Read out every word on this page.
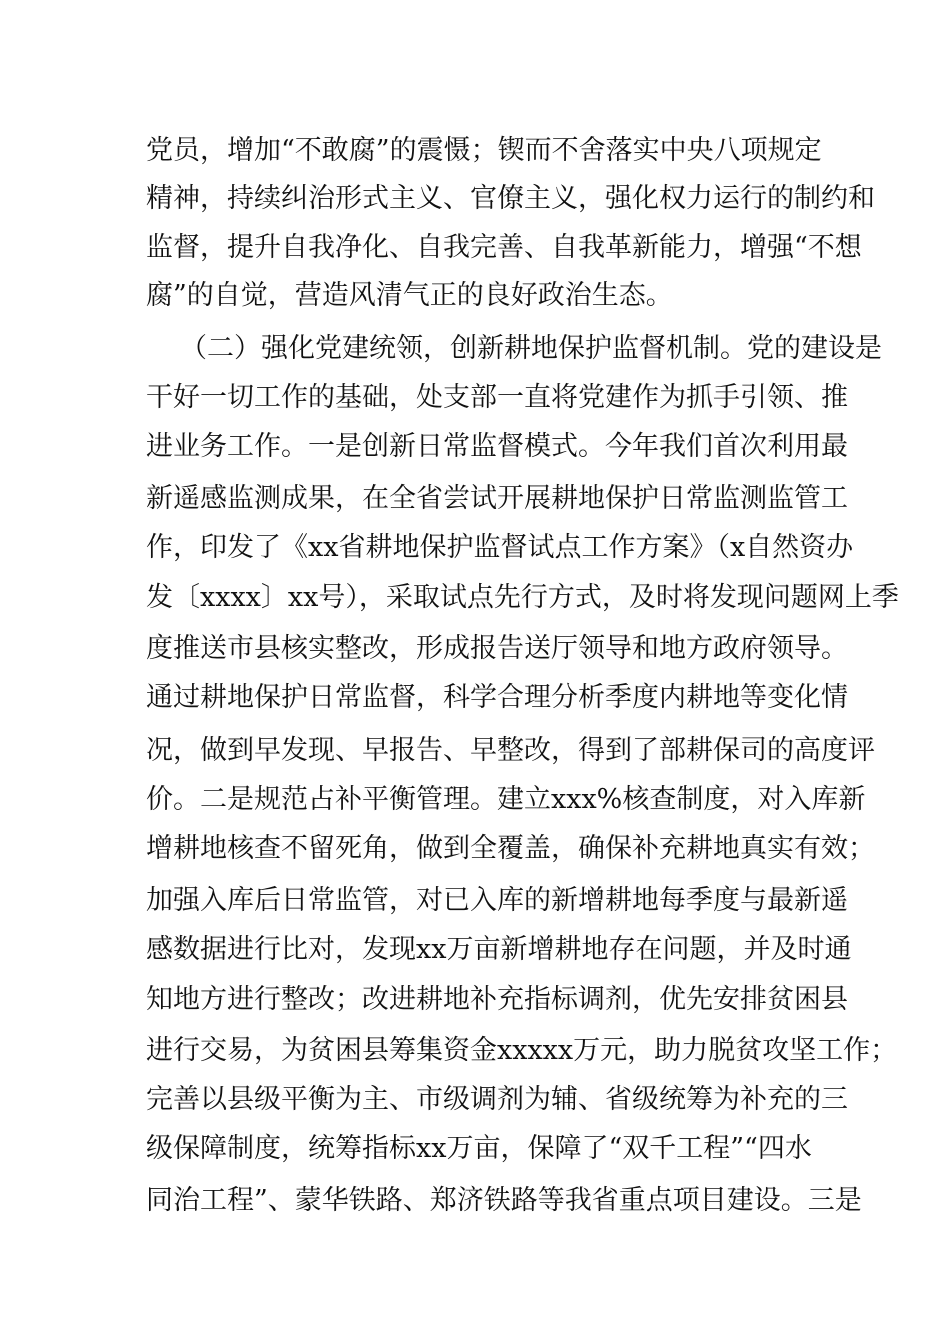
党员，增加“不敢腐”的震慑；锲而不舍落实中央八项规定
精神，持续纠治形式主义、官僚主义，强化权力运行的制约和
监督，提升自我净化、自我完善、自我革新能力，增强“不想
腐”的自觉，营造风清气正的良好政治生态。
（二）强化党建统领，创新耕地保护监督机制。党的建设是
干好一切工作的基础，处支部一直将党建作为抓手引领、推
进业务工作。一是创新日常监督模式。今年我们首次利用最
新遥感监测成果，在全省尝试开展耕地保护日常监测监管工
作，印发了《xx省耕地保护监督试点工作方案》（x自然资办
发〔xxxx〕xx号），采取试点先行方式，及时将发现问题网上季
度推送市县核实整改，形成报告送厅领导和地方政府领导。
通过耕地保护日常监督，科学合理分析季度内耕地等变化情
况，做到早发现、早报告、早整改，得到了部耕保司的高度评
价。二是规范占补平衡管理。建立xxx%核查制度，对入库新
增耕地核查不留死角，做到全覆盖，确保补充耕地真实有效；
加强入库后日常监管，对已入库的新增耕地每季度与最新遥
感数据进行比对，发现xx万亩新增耕地存在问题，并及时通
知地方进行整改；改进耕地补充指标调剂，优先安排贫困县
进行交易，为贫困县筹集资金xxxxx万元，助力脱贫攻坚工作；
完善以县级平衡为主、市级调剂为辅、省级统筹为补充的三
级保障制度，统筹指标xx万亩，保障了“双千工程”“四水
同治工程”、蒙华铁路、郑济铁路等我省重点项目建设。三是
